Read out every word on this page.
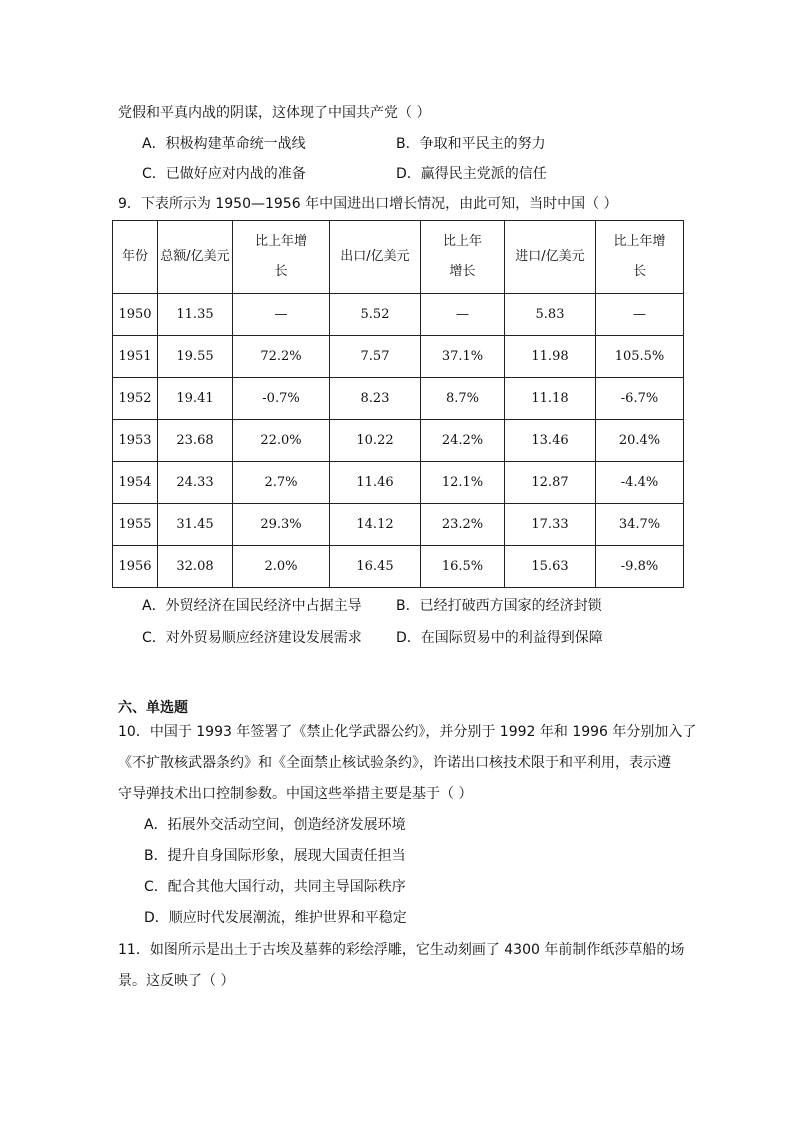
党假和平真内战的阴谋，这体现了中国共产党（ ）
A．积极构建革命统一战线	B．争取和平民主的努力
C．已做好应对内战的准备	D．赢得民主党派的信任
9．下表所示为 1950—1956 年中国进出口增长情况，由此可知，当时中国（ ）
年份	总额/亿美元	比上年增长	出口/亿美元	比上年增长	进口/亿美元	比上年增长
1950	11.35	—	5.52	—	5.83	—
1951	19.55	72.2%	7.57	37.1%	11.98	105.5%
1952	19.41	-0.7%	8.23	8.7%	11.18	-6.7%
1953	23.68	22.0%	10.22	24.2%	13.46	20.4%
1954	24.33	2.7%	11.46	12.1%	12.87	-4.4%
1955	31.45	29.3%	14.12	23.2%	17.33	34.7%
1956	32.08	2.0%	16.45	16.5%	15.63	-9.8%
A．外贸经济在国民经济中占据主导 B．已经打破西方国家的经济封锁
C．对外贸易顺应经济建设发展需求 D．在国际贸易中的利益得到保障
六、单选题
10．中国于 1993 年签署了《禁止化学武器公约》，并分别于 1992 年和 1996 年分别加入了
《不扩散核武器条约》和《全面禁止核试验条约》，许诺出口核技术限于和平利用，表示遵
守导弹技术出口控制参数。中国这些举措主要是基于（ ）
A．拓展外交活动空间，创造经济发展环境
B．提升自身国际形象，展现大国责任担当
C．配合其他大国行动，共同主导国际秩序
D．顺应时代发展潮流，维护世界和平稳定
11．如图所示是出土于古埃及墓葬的彩绘浮雕，它生动刻画了 4300 年前制作纸莎草船的场
景。这反映了（ ）
